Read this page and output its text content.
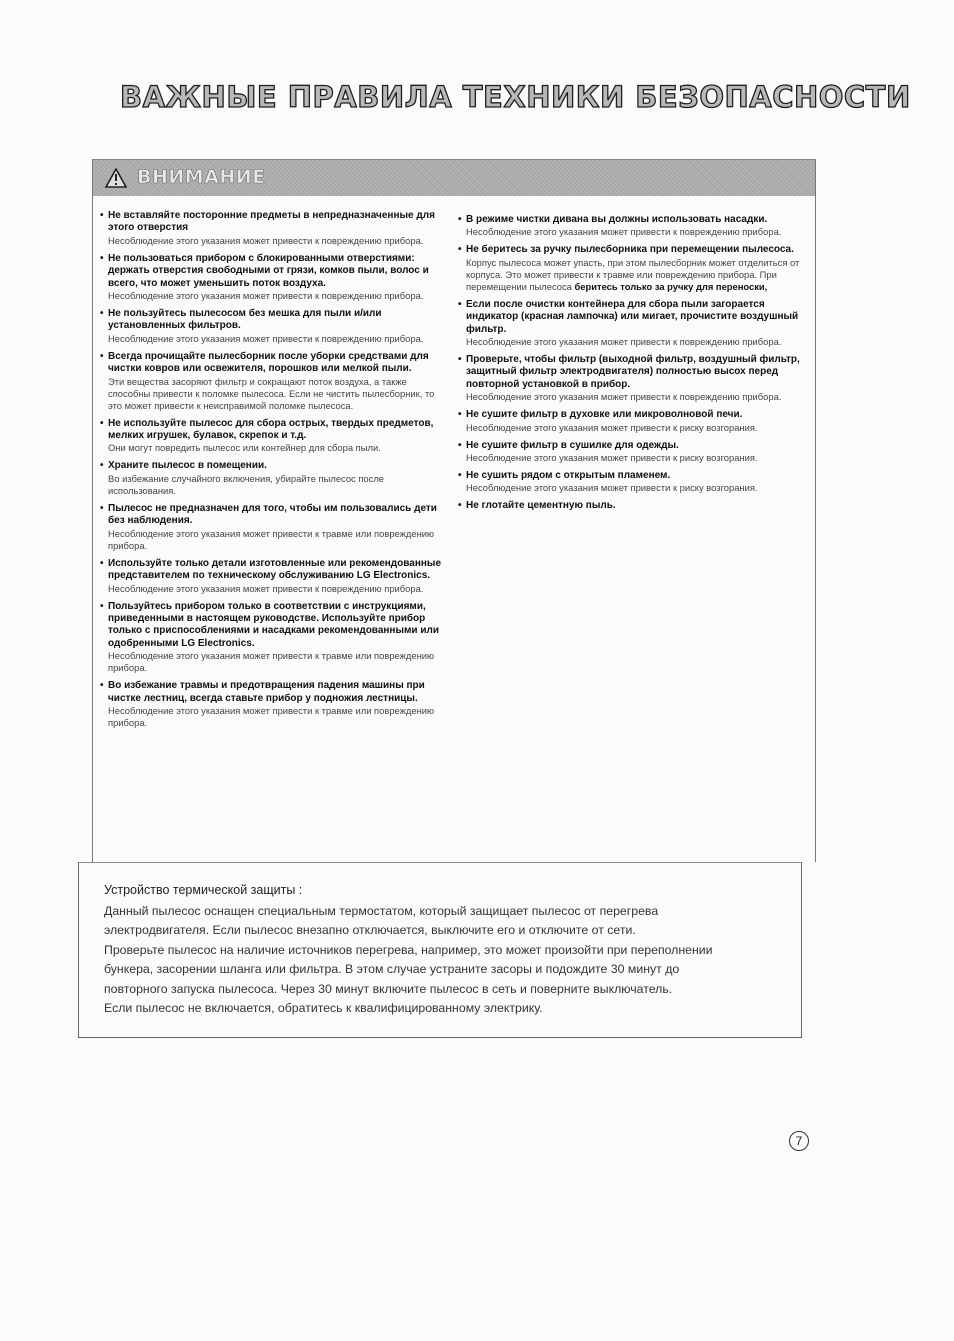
ВАЖНЫЕ ПРАВИЛА ТЕХНИКИ БЕЗОПАСНОСТИ
ВНИМАНИЕ
• Не вставляйте посторонние предметы в непредназначенные для этого отверстия
Несоблюдение этого указания может привести к повреждению прибора.
• Не пользоваться прибором с блокированными отверстиями: держать отверстия свободными от грязи, комков пыли, волос и всего, что может уменьшить поток воздуха.
Несоблюдение этого указания может привести к повреждению прибора.
• Не пользуйтесь пылесосом без мешка для пыли и/или установленных фильтров.
Несоблюдение этого указания может привести к повреждению прибора.
• Всегда прочищайте пылесборник после уборки средствами для чистки ковров или освежителя, порошков или мелкой пыли.
Эти вещества засоряют фильтр и сокращают поток воздуха, а также способны привести к поломке пылесоса. Если не чистить пылесборник, то это может привести к неисправимой поломке пылесоса.
• Не используйте пылесос для сбора острых, твердых предметов, мелких игрушек, булавок, скрепок и т.д.
Они могут повредить пылесос или контейнер для сбора пыли.
• Храните пылесос в помещении.
Во избежание случайного включения, убирайте пылесос после использования.
• Пылесос не предназначен для того, чтобы им пользовались дети без наблюдения.
Несоблюдение этого указания может привести к травме или повреждению прибора.
• Используйте только детали изготовленные или рекомендованные представителем по техническому обслуживанию LG Electronics.
Несоблюдение этого указания может привести к повреждению прибора.
• Пользуйтесь прибором только в соответствии с инструкциями, приведенными в настоящем руководстве. Используйте прибор только с приспособлениями и насадками рекомендованными или одобренными LG Electronics.
Несоблюдение этого указания может привести к травме или повреждению прибора.
• Во избежание травмы и предотвращения падения машины при чистке лестниц, всегда ставьте прибор у подножия лестницы.
Несоблюдение этого указания может привести к травме или повреждению прибора.
• В режиме чистки дивана вы должны использовать насадки.
Несоблюдение этого указания может привести к повреждению прибора.
• Не беритесь за ручку пылесборника при перемещении пылесоса.
Корпус пылесоса может упасть, при этом пылесборник может отделиться от корпуса. Это может привести к травме или повреждению прибора. При перемещении пылесоса беритесь только за ручку для переноски,
• Если после очистки контейнера для сбора пыли загорается индикатор (красная лампочка) или мигает, прочистите воздушный фильтр.
Несоблюдение этого указания может привести к повреждению прибора.
• Проверьте, чтобы фильтр (выходной фильтр, воздушный фильтр, защитный фильтр электродвигателя) полностью высох перед повторной установкой в прибор.
Несоблюдение этого указания может привести к повреждению прибора.
• Не сушите фильтр в духовке или микроволновой печи.
Несоблюдение этого указания может привести к риску возгорания.
• Не сушите фильтр в сушилке для одежды.
Несоблюдение этого указания может привести к риску возгорания.
• Не сушить рядом с открытым пламенем.
Несоблюдение этого указания может привести к риску возгорания.
• Не глотайте цементную пыль.
Устройство термической защиты :
Данный пылесос оснащен специальным термостатом, который защищает пылесос от перегрева
электродвигателя. Если пылесос внезапно отключается, выключите его и отключите от сети.
Проверьте пылесос на наличие источников перегрева, например, это может произойти при переполнении
бункера, засорении шланга или фильтра. В этом случае устраните засоры и подождите 30 минут до
повторного запуска пылесоса. Через 30 минут включите пылесос в сеть и поверните выключатель.
Если пылесос не включается, обратитесь к квалифицированному электрику.
7
